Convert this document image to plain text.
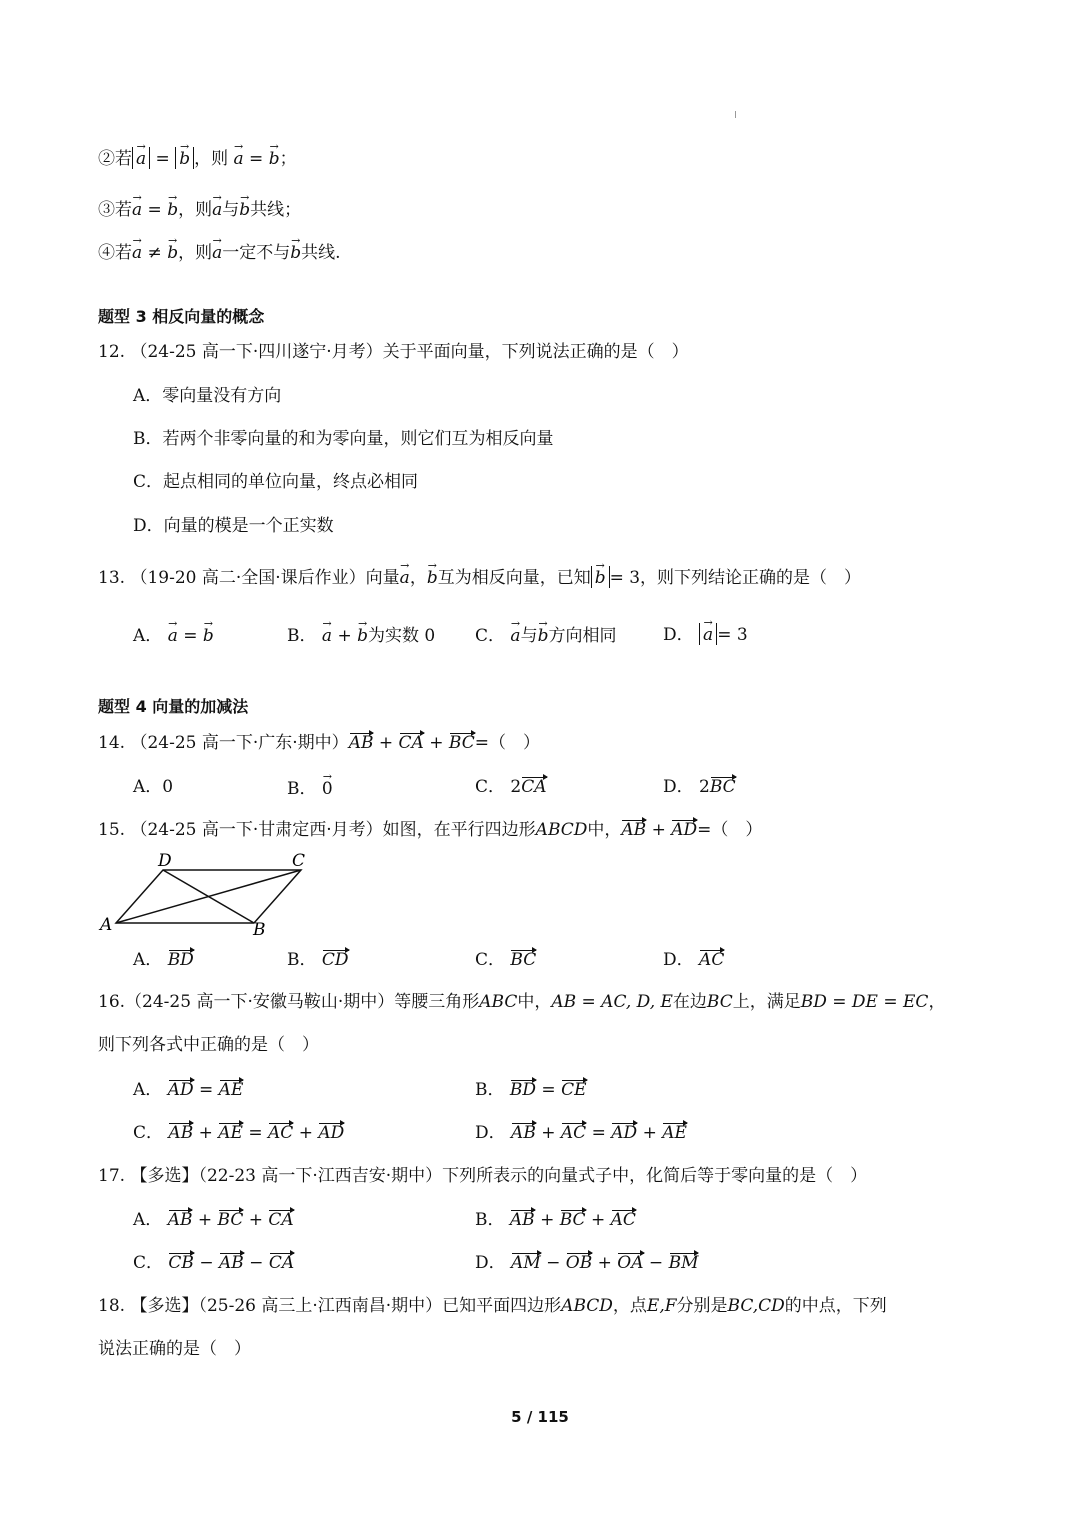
②若 → a = → b ，则 → a = → b；
③若→ a = → b，则→ a与→ b共线；
④若→ a ≠ → b，则→ a一定不与→ b共线.
题型 3 相反向量的概念
12. （24-25 高一下·四川遂宁·月考）关于平面向量，下列说法正确的是（　）
A．零向量没有方向
B．若两个非零向量的和为零向量，则它们互为相反向量
C．起点相同的单位向量，终点必相同
D．向量的模是一个正实数
13. （19-20 高二·全国·课后作业）向量→ a，→ b互为相反向量，已知 → b = 3，则下列结论正确的是（　）
A． → a = → b	B． → a + → b为实数 0 C． → a与→ b方向相同	D． → a = 3
题型 4 向量的加减法
14. （24-25 高一下·广东·期中）AB + CA + BC=（　）
A．0	B． → 0	C． 2CA	D． 2BC
15. （24-25 高一下·甘肃定西·月考）如图，在平行四边形ABCD中，AB + AD=（　）
A	B
C
D
A． BD	B． CD	C． BC	D． AC
16.（24-25 高一下·安徽马鞍山·期中）等腰三角形ABC中，AB = AC, D, E在边BC上，满足BD = DE = EC，
则下列各式中正确的是（　）
A． AD = AE	B． BD = CE
C． AB + AE = AC + AD	D． AB + AC = AD + AE
17. 【多选】（22-23 高一下·江西吉安·期中）下列所表示的向量式子中，化简后等于零向量的是（　）
A． AB + BC + CA	B． AB + BC + AC
C． CB − AB − CA	D． AM − OB + OA − BM
18. 【多选】（25-26 高三上·江西南昌·期中）已知平面四边形ABCD，点E,F分别是BC,CD的中点，下列
说法正确的是（　）
5 / 115
